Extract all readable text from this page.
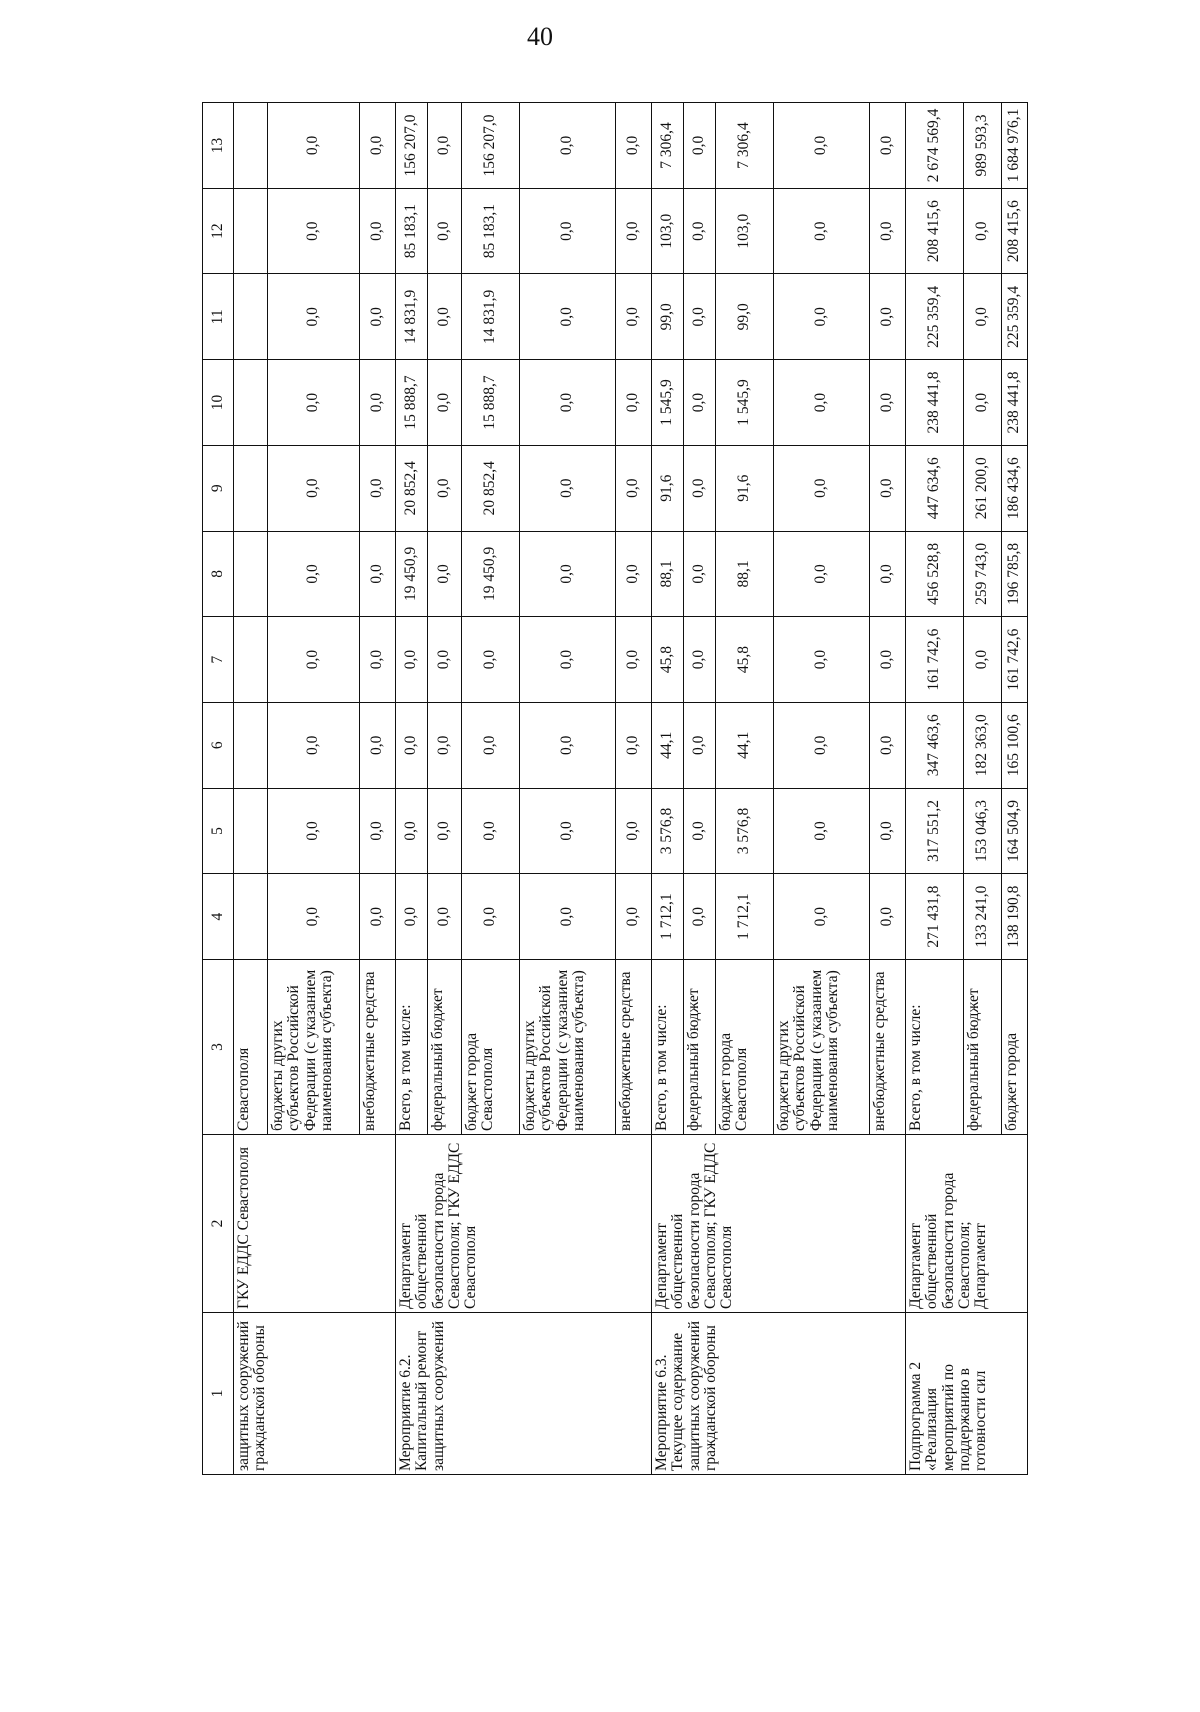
40
1	2	3	4	5	6	7	8	9	10	11	12	13
защитных сооружений гражданской обороны	ГКУ ЕДДС Севастополя	Севастополя										
		бюджеты других субъектов Российской Федерации (с указанием наименования субъекта)	0,0	0,0	0,0	0,0	0,0	0,0	0,0	0,0	0,0	0,0
		внебюджетные средства	0,0	0,0	0,0	0,0	0,0	0,0	0,0	0,0	0,0	0,0
Мероприятие 6.2. Капитальный ремонт защитных сооружений	Департамент общественной безопасности города Севастополя; ГКУ ЕДДС Севастополя	Всего, в том числе:	0,0	0,0	0,0	0,0	19 450,9	20 852,4	15 888,7	14 831,9	85 183,1	156 207,0
		федеральный бюджет	0,0	0,0	0,0	0,0	0,0	0,0	0,0	0,0	0,0	0,0
		бюджет города Севастополя	0,0	0,0	0,0	0,0	19 450,9	20 852,4	15 888,7	14 831,9	85 183,1	156 207,0
		бюджеты других субъектов Российской Федерации (с указанием наименования субъекта)	0,0	0,0	0,0	0,0	0,0	0,0	0,0	0,0	0,0	0,0
		внебюджетные средства	0,0	0,0	0,0	0,0	0,0	0,0	0,0	0,0	0,0	0,0
Мероприятие 6.3. Текущее содержание защитных сооружений гражданской обороны	Департамент общественной безопасности города Севастополя; ГКУ ЕДДС Севастополя	Всего, в том числе:	1 712,1	3 576,8	44,1	45,8	88,1	91,6	1 545,9	99,0	103,0	7 306,4
		федеральный бюджет	0,0	0,0	0,0	0,0	0,0	0,0	0,0	0,0	0,0	0,0
		бюджет города Севастополя	1 712,1	3 576,8	44,1	45,8	88,1	91,6	1 545,9	99,0	103,0	7 306,4
		бюджеты других субъектов Российской Федерации (с указанием наименования субъекта)	0,0	0,0	0,0	0,0	0,0	0,0	0,0	0,0	0,0	0,0
		внебюджетные средства	0,0	0,0	0,0	0,0	0,0	0,0	0,0	0,0	0,0	0,0
Подпрограмма 2 «Реализация мероприятий по поддержанию в готовности сил	Департамент общественной безопасности города Севастополя; Департамент	Всего, в том числе:	271 431,8	317 551,2	347 463,6	161 742,6	456 528,8	447 634,6	238 441,8	225 359,4	208 415,6	2 674 569,4
		федеральный бюджет	133 241,0	153 046,3	182 363,0	0,0	259 743,0	261 200,0	0,0	0,0	0,0	989 593,3
		бюджет города	138 190,8	164 504,9	165 100,6	161 742,6	196 785,8	186 434,6	238 441,8	225 359,4	208 415,6	1 684 976,1
